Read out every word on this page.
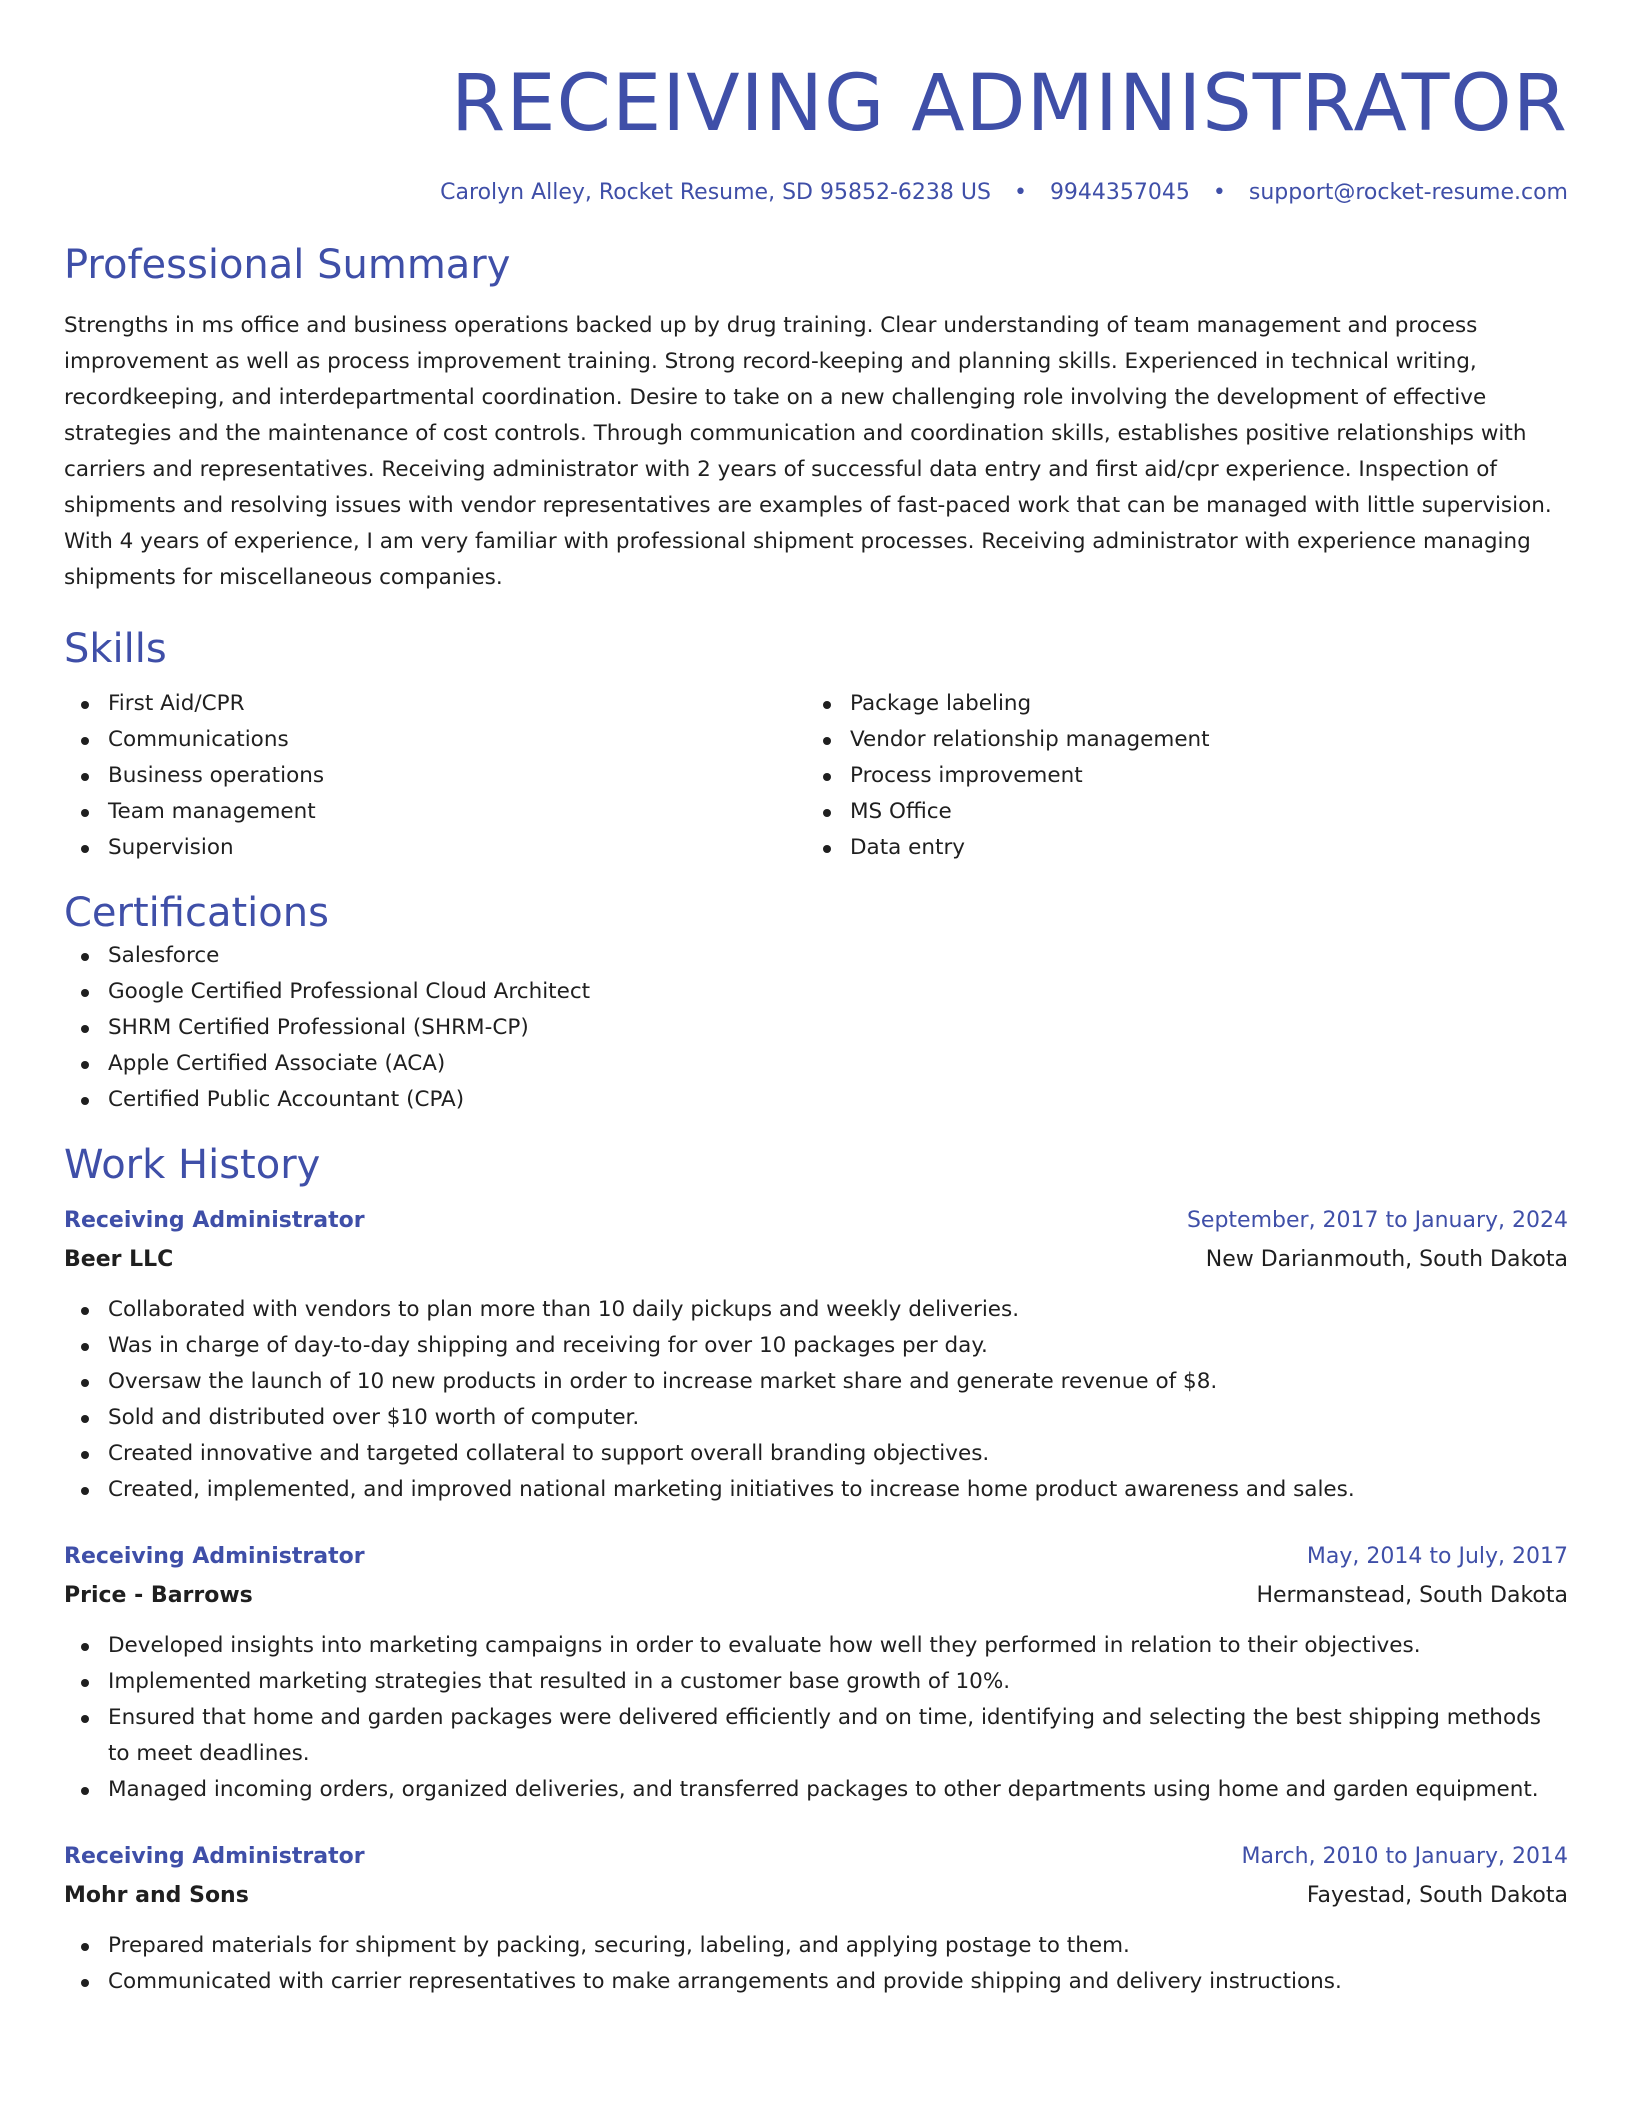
RECEIVING ADMINISTRATOR
Carolyn Alley, Rocket Resume, SD 95852-6238 US • 9944357045 • support@rocket-resume.com
Professional Summary

Strengths in ms office and business operations backed up by drug training. Clear understanding of team management and process improvement as well as process improvement training. Strong record-keeping and planning skills. Experienced in technical writing, recordkeeping, and interdepartmental coordination. Desire to take on a new challenging role involving the development of effective strategies and the maintenance of cost controls. Through communication and coordination skills, establishes positive relationships with carriers and representatives. Receiving administrator with 2 years of successful data entry and first aid/cpr experience. Inspection of shipments and resolving issues with vendor representatives are examples of fast-paced work that can be managed with little supervision. With 4 years of experience, I am very familiar with professional shipment processes. Receiving administrator with experience managing shipments for miscellaneous companies.

Skills
First Aid/CPR
Communications
Business operations
Team management
Supervision
Package labeling
Vendor relationship management
Process improvement
MS Office
Data entry
Certifications
Salesforce
Google Certified Professional Cloud Architect
SHRM Certified Professional (SHRM-CP)
Apple Certified Associate (ACA)
Certified Public Accountant (CPA)
Work History
Receiving Administrator	September, 2017 to January, 2024
Beer LLC	New Darianmouth, South Dakota
Collaborated with vendors to plan more than 10 daily pickups and weekly deliveries.
Was in charge of day-to-day shipping and receiving for over 10 packages per day.
Oversaw the launch of 10 new products in order to increase market share and generate revenue of $8.
Sold and distributed over $10 worth of computer.
Created innovative and targeted collateral to support overall branding objectives.
Created, implemented, and improved national marketing initiatives to increase home product awareness and sales.
Receiving Administrator	May, 2014 to July, 2017
Price - Barrows	Hermanstead, South Dakota
Developed insights into marketing campaigns in order to evaluate how well they performed in relation to their objectives.
Implemented marketing strategies that resulted in a customer base growth of 10%.
Ensured that home and garden packages were delivered efficiently and on time, identifying and selecting the best shipping methods to meet deadlines.
Managed incoming orders, organized deliveries, and transferred packages to other departments using home and garden equipment.
Receiving Administrator	March, 2010 to January, 2014
Mohr and Sons	Fayestad, South Dakota
Prepared materials for shipment by packing, securing, labeling, and applying postage to them.
Communicated with carrier representatives to make arrangements and provide shipping and delivery instructions.
